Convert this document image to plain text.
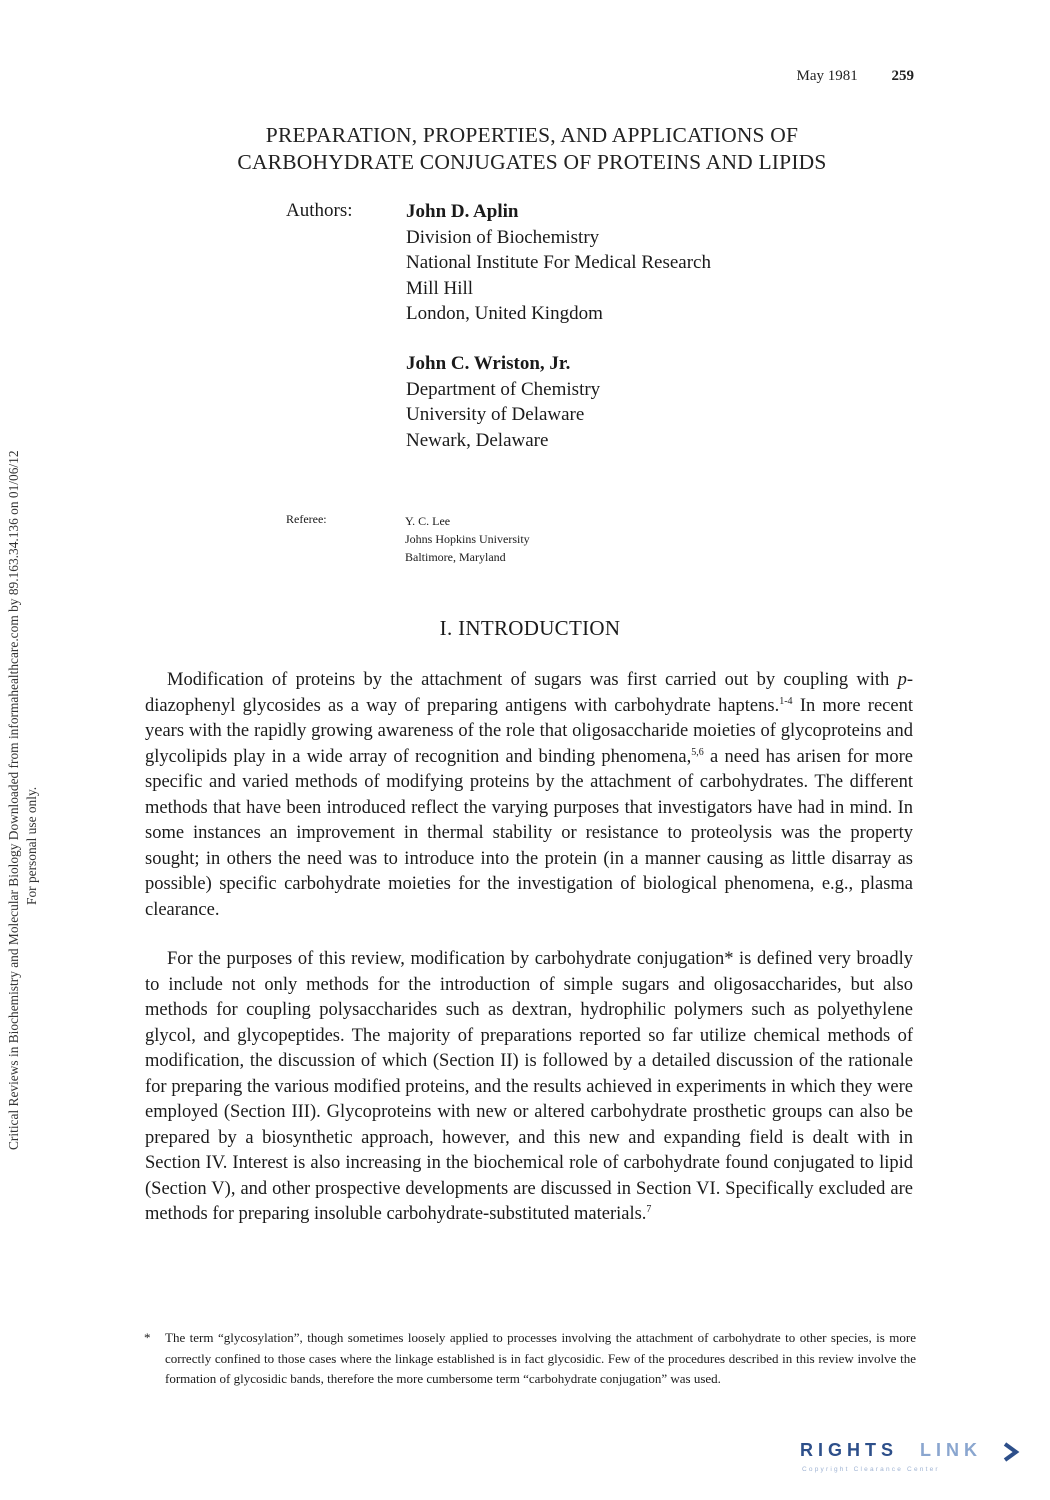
May 1981 259
PREPARATION, PROPERTIES, AND APPLICATIONS OF
CARBOHYDRATE CONJUGATES OF PROTEINS AND LIPIDS
Authors:	John D. Aplin
Division of Biochemistry
National Institute For Medical Research
Mill Hill
London, United Kingdom
John C. Wriston, Jr.
Department of Chemistry
University of Delaware
Newark, Delaware
Referee:	Y. C. Lee
Johns Hopkins University
Baltimore, Maryland
I. INTRODUCTION

Modification of proteins by the attachment of sugars was first carried out by coupling with p-diazophenyl glycosides as a way of preparing antigens with carbohydrate haptens.$^{1-4}$ In more recent years with the rapidly growing awareness of the role that oligosaccharide moieties of glycoproteins and glycolipids play in a wide array of recognition and binding phenomena,$^{5,6}$ a need has arisen for more specific and varied methods of modifying proteins by the attachment of carbohydrates. The different methods that have been introduced reflect the varying purposes that investigators have had in mind. In some instances an improvement in thermal stability or resistance to proteolysis was the property sought; in others the need was to introduce into the protein (in a manner causing as little disarray as possible) specific carbohydrate moieties for the investigation of biological phenomena, e.g., plasma clearance.

For the purposes of this review, modification by carbohydrate conjugation* is defined very broadly to include not only methods for the introduction of simple sugars and oligosaccharides, but also methods for coupling polysaccharides such as dextran, hydrophilic polymers such as polyethylene glycol, and glycopeptides. The majority of preparations reported so far utilize chemical methods of modification, the discussion of which (Section II) is followed by a detailed discussion of the rationale for preparing the various modified proteins, and the results achieved in experiments in which they were employed (Section III). Glycoproteins with new or altered carbohydrate prosthetic groups can also be prepared by a biosynthetic approach, however, and this new and expanding field is dealt with in Section IV. Interest is also increasing in the biochemical role of carbohydrate found conjugated to lipid (Section V), and other prospective developments are discussed in Section VI. Specifically excluded are methods for preparing insoluble carbohydrate-substituted materials.$^7$

*	The term “glycosylation”, though sometimes loosely applied to processes involving the attachment of carbohydrate to other species, is more correctly confined to those cases where the linkage established is in fact glycosidic. Few of the procedures described in this review involve the formation of glycosidic bands, therefore the more cumbersome term “carbohydrate conjugation” was used.
Critical Reviews in Biochemistry and Molecular Biology Downloaded from informahealthcare.com by 89.163.34.136 on 01/06/12 For personal use only.
RIGHTS LINK
Copyright Clearance Center
